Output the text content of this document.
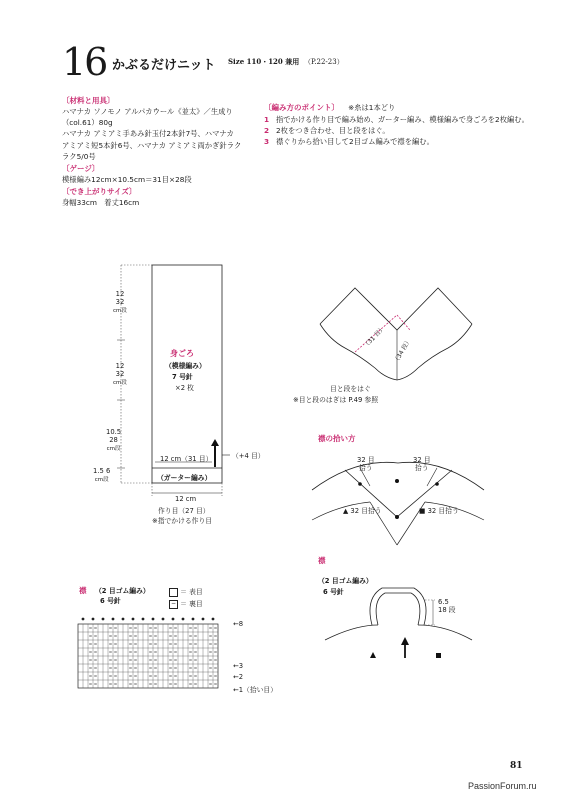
16 かぶるだけニット Size 110・120 兼用 （P.22-23）
〔材料と用具〕
ハマナカ ソノモノ アルパカウール《並太》／生成り
（col.61）80g
ハマナカ アミアミ手あみ針玉付2本針7号、ハマナカ
アミアミ短5本針6号、ハマナカ アミアミ両かぎ針ラク
ラク5/0号
〔ゲージ〕
模様編み12cm×10.5cm＝31目×28段
〔でき上がりサイズ〕
身幅33cm　着丈16cm
〔編み方のポイント〕 ※糸は1本どり
1 指でかける作り目で編み始め、ガーター編み、模様編みで身ごろを2枚編む。
2 2枚をつき合わせ、目と段をはぐ。
3 襟ぐりから拾い目して2目ゴム編みで襟を編む。
12
32
cm段
12
32
cm段
10.5
28
cm段
1.5 6
cm段
身ごろ
（模様編み）
7 号針
×2 枚
12 cm（31 目）	（+4 目）
（ガーター編み）
12 cm
作り目（27 目）
※指でかける作り目
（31 目）
（34 段）
目と段をはぐ
※目と段のはぎは P.49 参照
襟の拾い方
32 目
拾う
32 目
拾う
▲ 32 目拾う	■ 32 目拾う
襟 （2 目ゴム編み）
6 号針
＝ 表目
− ＝ 裏目
←8
←3
←2
←1（拾い目）
襟
（2 目ゴム編み）
6 号針
6.5
18 段
81
PassionForum.ru
